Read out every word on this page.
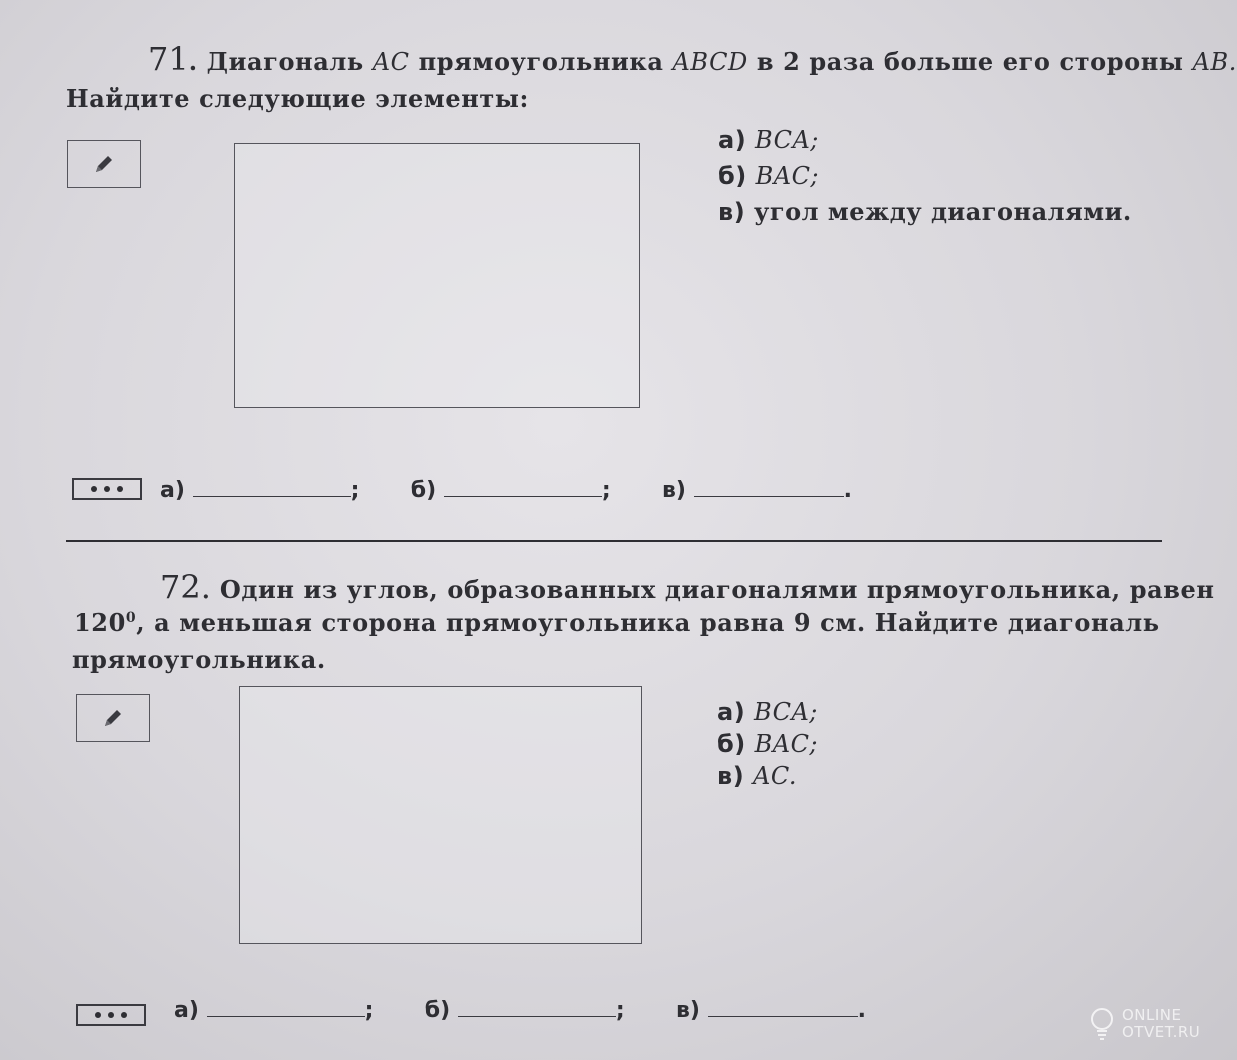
71. Диагональ AC прямоугольника ABCD в 2 раза больше его стороны AB.
Найдите следующие элементы:
а) BCA;
б) BAC;
в) угол между диагоналями.
а)	; б)	; в)	.
72. Один из углов, образованных диагоналями прямоугольника, равен
$120^0$, а меньшая сторона прямоугольника равна 9 см. Найдите диагональ
прямоугольника.
а) BCA;
б) BAC;
в) AC.
а)	; б)	; в)	.	ONLINE
OTVET.RU
